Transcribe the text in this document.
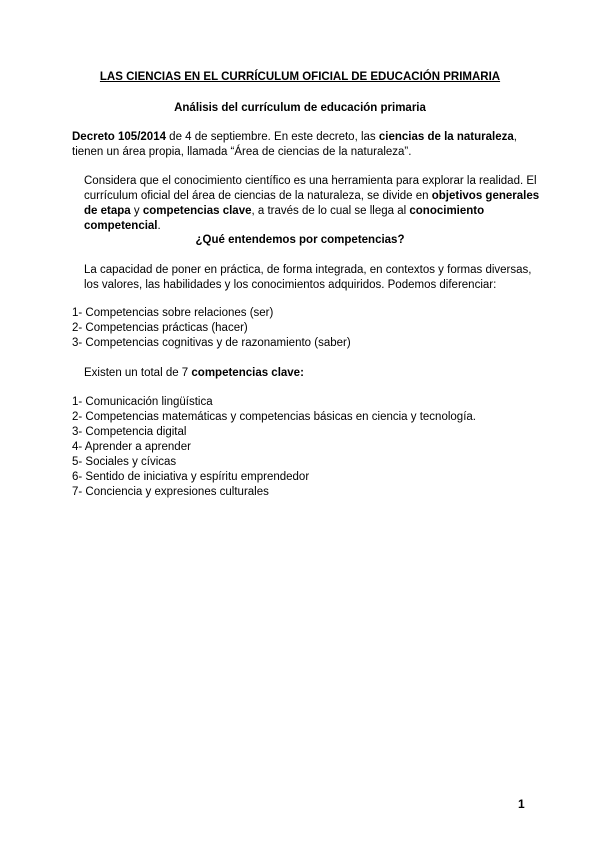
LAS CIENCIAS EN EL CURRÍCULUM OFICIAL DE EDUCACIÓN PRIMARIA
Análisis del currículum de educación primaria

Decreto 105/2014 de 4 de septiembre. En este decreto, las ciencias de la naturaleza, tienen un área propia, llamada “Área de ciencias de la naturaleza”.

Considera que el conocimiento científico es una herramienta para explorar la realidad. El currículum oficial del área de ciencias de la naturaleza, se divide en objetivos generales de etapa y competencias clave, a través de lo cual se llega al conocimiento competencial.

¿Qué entendemos por competencias?

La capacidad de poner en práctica, de forma integrada, en contextos y formas diversas, los valores, las habilidades y los conocimientos adquiridos. Podemos diferenciar:

1- Competencias sobre relaciones (ser)
2- Competencias prácticas (hacer)
3- Competencias cognitivas y de razonamiento (saber)

Existen un total de 7 competencias clave:

1- Comunicación lingüística
2- Competencias matemáticas y competencias básicas en ciencia y tecnología.
3- Competencia digital
4- Aprender a aprender
5- Sociales y cívicas
6- Sentido de iniciativa y espíritu emprendedor
7- Conciencia y expresiones culturales
1
